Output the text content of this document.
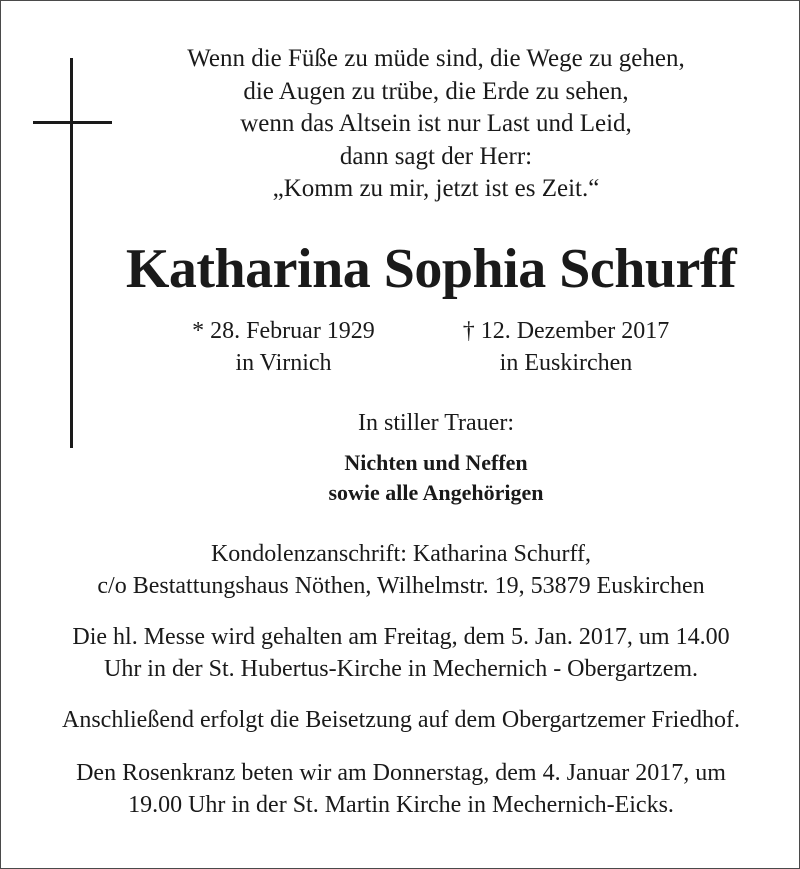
Wenn die Füße zu müde sind, die Wege zu gehen,
die Augen zu trübe, die Erde zu sehen,
wenn das Altsein ist nur Last und Leid,
dann sagt der Herr:
„Komm zu mir, jetzt ist es Zeit.“
Katharina Sophia Schurff
* 28. Februar 1929
in Virnich
† 12. Dezember 2017
in Euskirchen
In stiller Trauer:
Nichten und Neffen
sowie alle Angehörigen
Kondolenzanschrift: Katharina Schurff,
c/o Bestattungshaus Nöthen, Wilhelmstr. 19, 53879 Euskirchen
Die hl. Messe wird gehalten am Freitag, dem 5. Jan. 2017, um 14.00
Uhr in der St. Hubertus-Kirche in Mechernich - Obergartzem.
Anschließend erfolgt die Beisetzung auf dem Obergartzemer Friedhof.
Den Rosenkranz beten wir am Donnerstag, dem 4. Januar 2017, um
19.00 Uhr in der St. Martin Kirche in Mechernich-Eicks.
